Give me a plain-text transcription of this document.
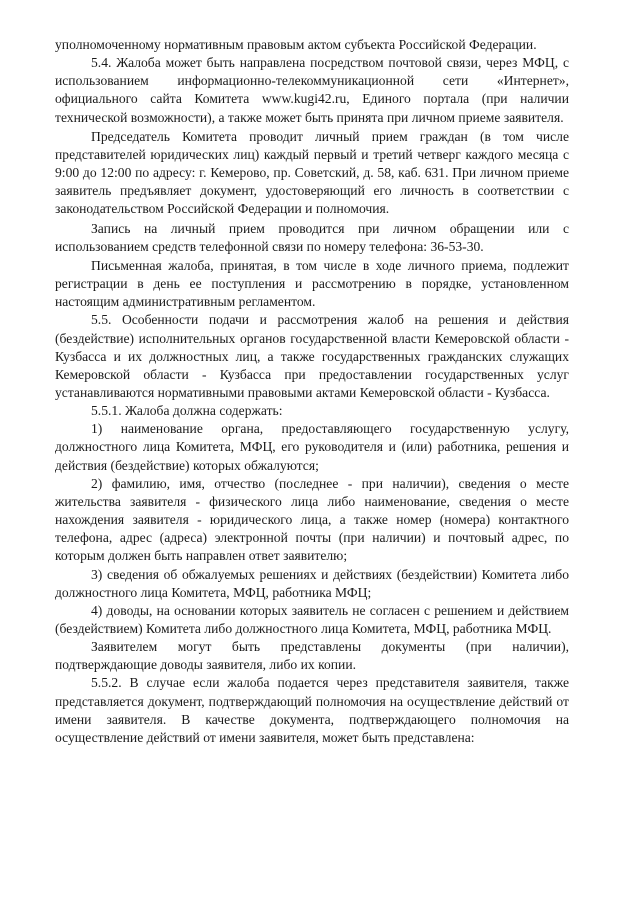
уполномоченному нормативным правовым актом субъекта Российской Федерации.

5.4. Жалоба может быть направлена посредством почтовой связи, через МФЦ, с использованием информационно-телекоммуникационной сети «Интернет», официального сайта Комитета www.kugi42.ru, Единого портала (при наличии технической возможности), а также может быть принята при личном приеме заявителя.

Председатель Комитета проводит личный прием граждан (в том числе представителей юридических лиц) каждый первый и третий четверг каждого месяца с 9:00 до 12:00 по адресу: г. Кемерово, пр. Советский, д. 58, каб. 631. При личном приеме заявитель предъявляет документ, удостоверяющий его личность в соответствии с законодательством Российской Федерации и полномочия.

Запись на личный прием проводится при личном обращении или с использованием средств телефонной связи по номеру телефона: 36-53-30.

Письменная жалоба, принятая, в том числе в ходе личного приема, подлежит регистрации в день ее поступления и рассмотрению в порядке, установленном настоящим административным регламентом.

5.5. Особенности подачи и рассмотрения жалоб на решения и действия (бездействие) исполнительных органов государственной власти Кемеровской области - Кузбасса и их должностных лиц, а также государственных гражданских служащих Кемеровской области - Кузбасса при предоставлении государственных услуг устанавливаются нормативными правовыми актами Кемеровской области - Кузбасса.

5.5.1. Жалоба должна содержать:

1) наименование органа, предоставляющего государственную услугу, должностного лица Комитета, МФЦ, его руководителя и (или) работника, решения и действия (бездействие) которых обжалуются;

2) фамилию, имя, отчество (последнее - при наличии), сведения о месте жительства заявителя - физического лица либо наименование, сведения о месте нахождения заявителя - юридического лица, а также номер (номера) контактного телефона, адрес (адреса) электронной почты (при наличии) и почтовый адрес, по которым должен быть направлен ответ заявителю;

3) сведения об обжалуемых решениях и действиях (бездействии) Комитета либо должностного лица Комитета, МФЦ, работника МФЦ;

4) доводы, на основании которых заявитель не согласен с решением и действием (бездействием) Комитета либо должностного лица Комитета, МФЦ, работника МФЦ.

Заявителем могут быть представлены документы (при наличии), подтверждающие доводы заявителя, либо их копии.

5.5.2. В случае если жалоба подается через представителя заявителя, также представляется документ, подтверждающий полномочия на осуществление действий от имени заявителя. В качестве документа, подтверждающего полномочия на осуществление действий от имени заявителя, может быть представлена:
